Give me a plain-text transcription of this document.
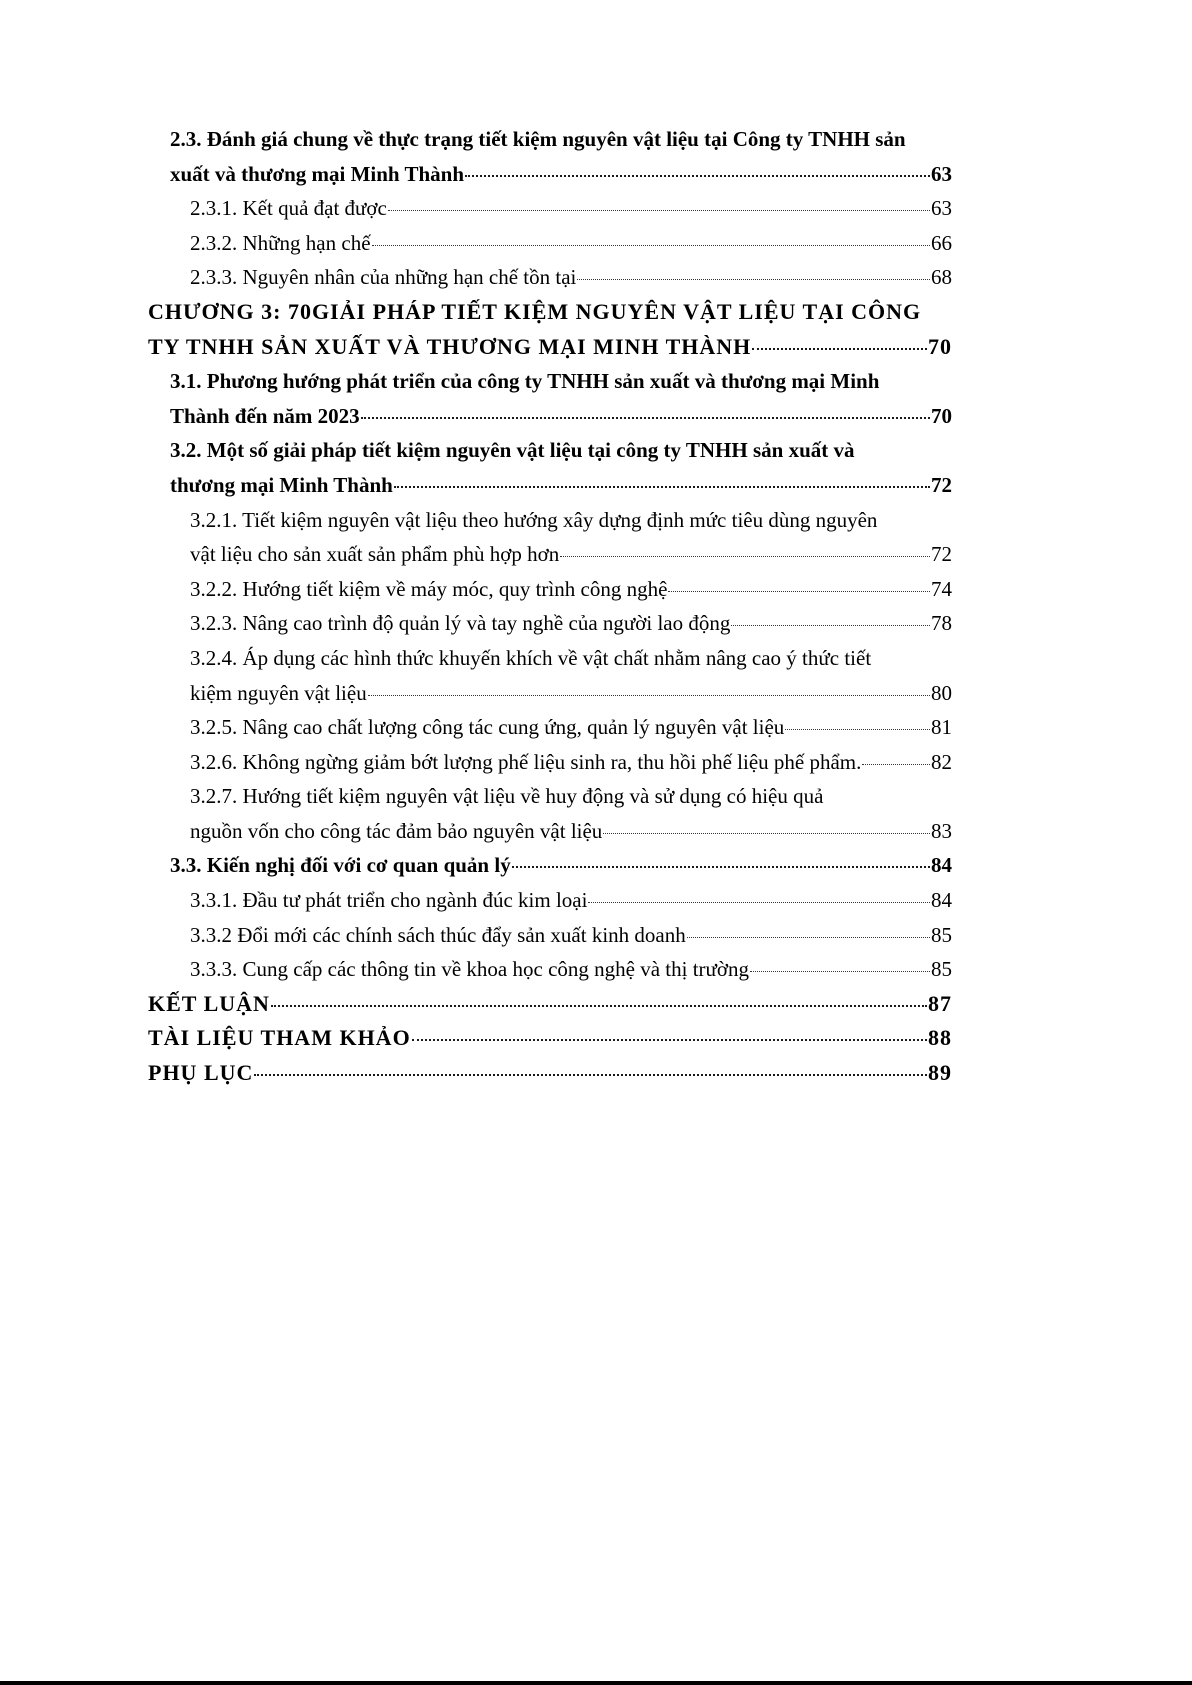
2.3. Đánh giá chung về thực trạng tiết kiệm nguyên vật liệu tại Công ty TNHH sản
xuất và thương mại Minh Thành	63
2.3.1. Kết quả đạt được	63
2.3.2. Những hạn chế	66
2.3.3. Nguyên nhân của những hạn chế tồn tại	68
CHƯƠNG 3: 70GIẢI PHÁP TIẾT KIỆM NGUYÊN VẬT LIỆU TẠI CÔNG
TY TNHH SẢN XUẤT VÀ THƯƠNG MẠI MINH THÀNH	70
3.1. Phương hướng phát triển của công ty TNHH sản xuất và thương mại Minh
Thành đến năm 2023	70
3.2. Một số giải pháp tiết kiệm nguyên vật liệu tại công ty TNHH sản xuất và
thương mại Minh Thành	72
3.2.1. Tiết kiệm nguyên vật liệu theo hướng xây dựng định mức tiêu dùng nguyên
vật liệu cho sản xuất sản phẩm phù hợp hơn	72
3.2.2. Hướng tiết kiệm về máy móc, quy trình công nghệ	74
3.2.3. Nâng cao trình độ quản lý và tay nghề của người lao động	78
3.2.4. Áp dụng các hình thức khuyến khích về vật chất nhằm nâng cao ý thức tiết
kiệm nguyên vật liệu	80
3.2.5. Nâng cao chất lượng công tác cung ứng, quản lý nguyên vật liệu	81
3.2.6. Không ngừng giảm bớt lượng phế liệu sinh ra, thu hồi phế liệu phế phẩm.	82
3.2.7. Hướng tiết kiệm nguyên vật liệu về huy động và sử dụng có hiệu quả
nguồn vốn cho công tác đảm bảo nguyên vật liệu	83
3.3. Kiến nghị đối với cơ quan quản lý	84
3.3.1. Đầu tư phát triển cho ngành đúc kim loại	84
3.3.2 Đổi mới các chính sách thúc đẩy sản xuất kinh doanh	85
3.3.3. Cung cấp các thông tin về khoa học công nghệ và thị trường	85
KẾT LUẬN	87
TÀI LIỆU THAM KHẢO	88
PHỤ LỤC	89
